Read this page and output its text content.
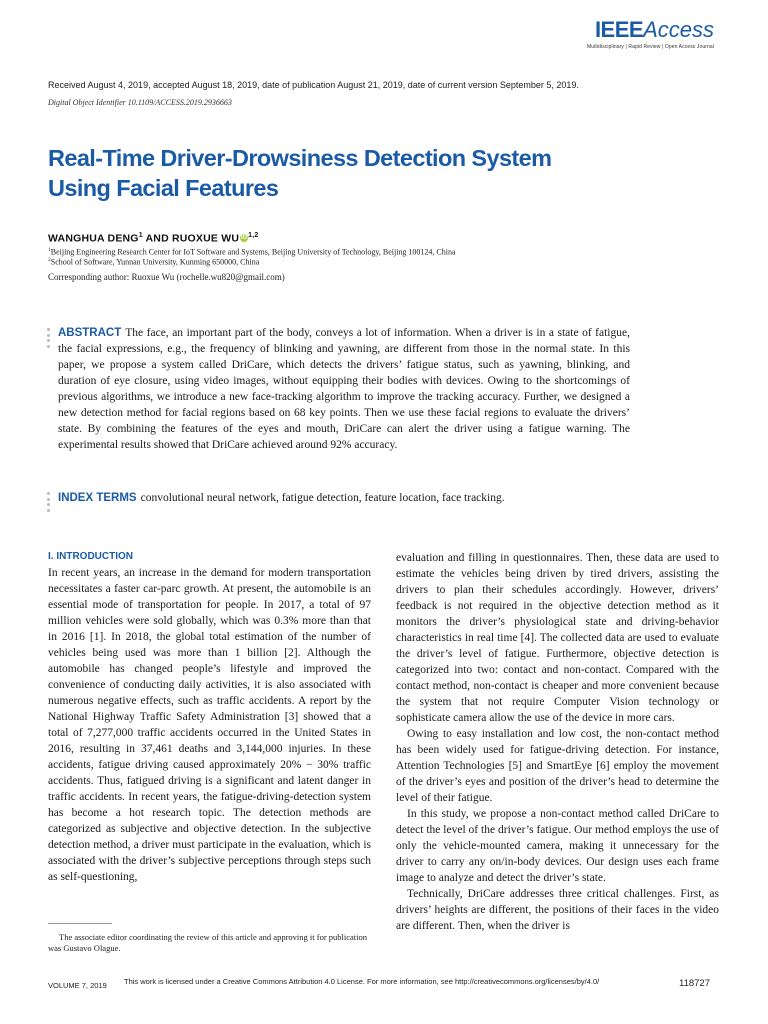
IEEEAccess
Multidisciplinary | Rapid Review | Open Access Journal
Received August 4, 2019, accepted August 18, 2019, date of publication August 21, 2019, date of current version September 5, 2019.
Digital Object Identifier 10.1109/ACCESS.2019.2936663
Real-Time Driver-Drowsiness Detection System
Using Facial Features
WANGHUA DENG$^1$ AND RUOXUE WU iD$^{1,2}$
$^1$Beijing Engineering Research Center for IoT Software and Systems, Beijing University of Technology, Beijing 100124, China
$^2$School of Software, Yunnan University, Kunming 650000, China
Corresponding author: Ruoxue Wu (rochelle.wu820@gmail.com)
ABSTRACT The face, an important part of the body, conveys a lot of information. When a driver is in a state of fatigue, the facial expressions, e.g., the frequency of blinking and yawning, are different from those in the normal state. In this paper, we propose a system called DriCare, which detects the drivers’ fatigue status, such as yawning, blinking, and duration of eye closure, using video images, without equipping their bodies with devices. Owing to the shortcomings of previous algorithms, we introduce a new face-tracking algorithm to improve the tracking accuracy. Further, we designed a new detection method for facial regions based on 68 key points. Then we use these facial regions to evaluate the drivers’ state. By combining the features of the eyes and mouth, DriCare can alert the driver using a fatigue warning. The experimental results showed that DriCare achieved around 92% accuracy.
INDEX TERMS convolutional neural network, fatigue detection, feature location, face tracking.
I. INTRODUCTION

In recent years, an increase in the demand for modern transportation necessitates a faster car-parc growth. At present, the automobile is an essential mode of transportation for people. In 2017, a total of 97 million vehicles were sold globally, which was 0.3% more than that in 2016 [1]. In 2018, the global total estimation of the number of vehicles being used was more than 1 billion [2]. Although the automobile has changed people’s lifestyle and improved the convenience of conducting daily activities, it is also associated with numerous negative effects, such as traffic accidents. A report by the National Highway Traffic Safety Administration [3] showed that a total of 7,277,000 traffic accidents occurred in the United States in 2016, resulting in 37,461 deaths and 3,144,000 injuries. In these accidents, fatigue driving caused approximately 20% − 30% traffic accidents. Thus, fatigued driving is a significant and latent danger in traffic accidents. In recent years, the fatigue-driving-detection system has become a hot research topic. The detection methods are categorized as subjective and objective detection. In the subjective detection method, a driver must participate in the evaluation, which is associated with the driver’s subjective perceptions through steps such as self-questioning,

evaluation and filling in questionnaires. Then, these data are used to estimate the vehicles being driven by tired drivers, assisting the drivers to plan their schedules accordingly. However, drivers’ feedback is not required in the objective detection method as it monitors the driver’s physiological state and driving-behavior characteristics in real time [4]. The collected data are used to evaluate the driver’s level of fatigue. Furthermore, objective detection is categorized into two: contact and non-contact. Compared with the contact method, non-contact is cheaper and more convenient because the system that not require Computer Vision technology or sophisticate camera allow the use of the device in more cars.

Owing to easy installation and low cost, the non-contact method has been widely used for fatigue-driving detection. For instance, Attention Technologies [5] and SmartEye [6] employ the movement of the driver’s eyes and position of the driver’s head to determine the level of their fatigue.

In this study, we propose a non-contact method called DriCare to detect the level of the driver’s fatigue. Our method employs the use of only the vehicle-mounted camera, making it unnecessary for the driver to carry any on/in-body devices. Our design uses each frame image to analyze and detect the driver’s state.

Technically, DriCare addresses three critical challenges. First, as drivers’ heights are different, the positions of their faces in the video are different. Then, when the driver is

The associate editor coordinating the review of this article and approving it for publication was Gustavo Olague.
VOLUME 7, 2019 This work is licensed under a Creative Commons Attribution 4.0 License. For more information, see http://creativecommons.org/licenses/by/4.0/	118727
